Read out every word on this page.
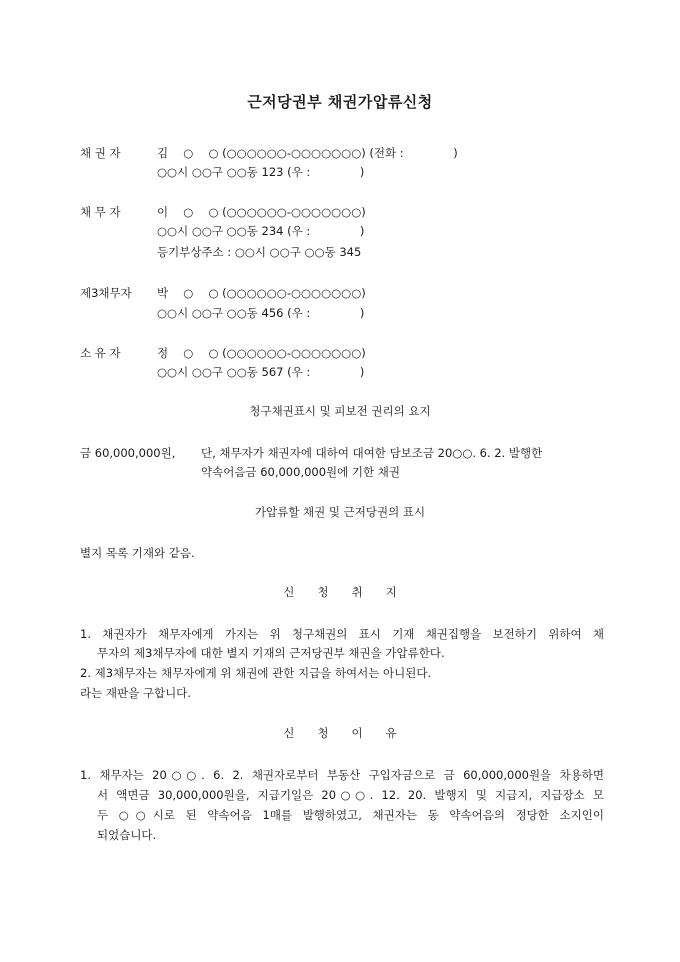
근저당권부 채권가압류신청
채 권 자	김　 ○　 ○ (○○○○○○-○○○○○○○) (전화 :　　　　 )
○○시 ○○구 ○○동 123 (우 :　　　　 )
채 무 자	이　 ○　 ○ (○○○○○○-○○○○○○○)
○○시 ○○구 ○○동 234 (우 :　　　　 )
등기부상주소 : ○○시 ○○구 ○○동 345
제3채무자 박　 ○　 ○ (○○○○○○-○○○○○○○)
○○시 ○○구 ○○동 456 (우 :　　　　 )
소 유 자	정　 ○　 ○ (○○○○○○-○○○○○○○)
○○시 ○○구 ○○동 567 (우 :　　　　 )
청구채권표시 및 피보전 권리의 요지
금 60,000,000원, 단, 채무자가 채권자에 대하여 대여한 담보조금 20○○. 6. 2. 발행한
약속어음금 60,000,000원에 기한 채권
가압류할 채권 및 근저당권의 표시
별지 목록 기재와 같음.
신　　청　　취　　지
1. 채권자가 채무자에게 가지는 위 청구채권의 표시 기재 채권집행을 보전하기 위하여 채
무자의 제3채무자에 대한 별지 기재의 근저당권부 채권을 가압류한다.
2. 제3채무자는 채무자에게 위 채권에 관한 지급을 하여서는 아니된다.
라는 재판을 구합니다.
신　　청　　이　　유
1. 채무자는 20○○. 6. 2. 채권자로부터 부동산 구입자금으로 금 60,000,000원을 차용하면
서 액면금 30,000,000원을, 지급기일은 20○○. 12. 20. 발행지 및 지급지, 지급장소 모
두 ○○시로 된 약속어음 1매를 발행하였고, 채권자는 동 약속어음의 정당한 소지인이
되었습니다.
